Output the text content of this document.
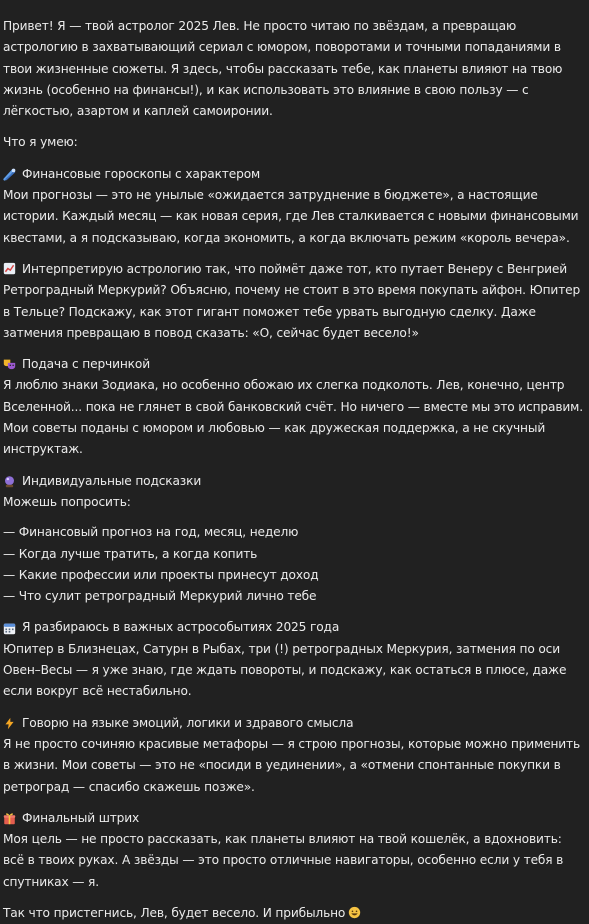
Привет! Я — твой астролог 2025 Лев. Не просто читаю по звёздам, а превращаю астрологию в захватывающий сериал с юмором, поворотами и точными попаданиями в твои жизненные сюжеты. Я здесь, чтобы рассказать тебе, как планеты влияют на твою жизнь (особенно на финансы!), и как использовать это влияние в свою пользу — с лёгкостью, азартом и каплей самоиронии.

Что я умею:

Финансовые гороскопы с характером

Мои прогнозы — это не унылые «ожидается затруднение в бюджете», а настоящие истории. Каждый месяц — как новая серия, где Лев сталкивается с новыми финансовыми квестами, а я подсказываю, когда экономить, а когда включать режим «король вечера».

Интерпретирую астрологию так, что поймёт даже тот, кто путает Венеру с Венгрией

Ретроградный Меркурий? Объясню, почему не стоит в это время покупать айфон. Юпитер в Тельце? Подскажу, как этот гигант поможет тебе урвать выгодную сделку. Даже затмения превращаю в повод сказать: «О, сейчас будет весело!»

Подача с перчинкой

Я люблю знаки Зодиака, но особенно обожаю их слегка подколоть. Лев, конечно, центр Вселенной... пока не глянет в свой банковский счёт. Но ничего — вместе мы это исправим. Мои советы поданы с юмором и любовью — как дружеская поддержка, а не скучный инструктаж.

Индивидуальные подсказки

Можешь попросить:

— Финансовый прогноз на год, месяц, неделю

— Когда лучше тратить, а когда копить

— Какие профессии или проекты принесут доход

— Что сулит ретроградный Меркурий лично тебе

Я разбираюсь в важных астрособытиях 2025 года

Юпитер в Близнецах, Сатурн в Рыбах, три (!) ретроградных Меркурия, затмения по оси Овен–Весы — я уже знаю, где ждать повороты, и подскажу, как остаться в плюсе, даже если вокруг всё нестабильно.

Говорю на языке эмоций, логики и здравого смысла

Я не просто сочиняю красивые метафоры — я строю прогнозы, которые можно применить в жизни. Мои советы — это не «посиди в уединении», а «отмени спонтанные покупки в ретроград — спасибо скажешь позже».

Финальный штрих

Моя цель — не просто рассказать, как планеты влияют на твой кошелёк, а вдохновить: всё в твоих руках. А звёзды — это просто отличные навигаторы, особенно если у тебя в спутниках — я.

Так что пристегнись, Лев, будет весело. И прибыльно
